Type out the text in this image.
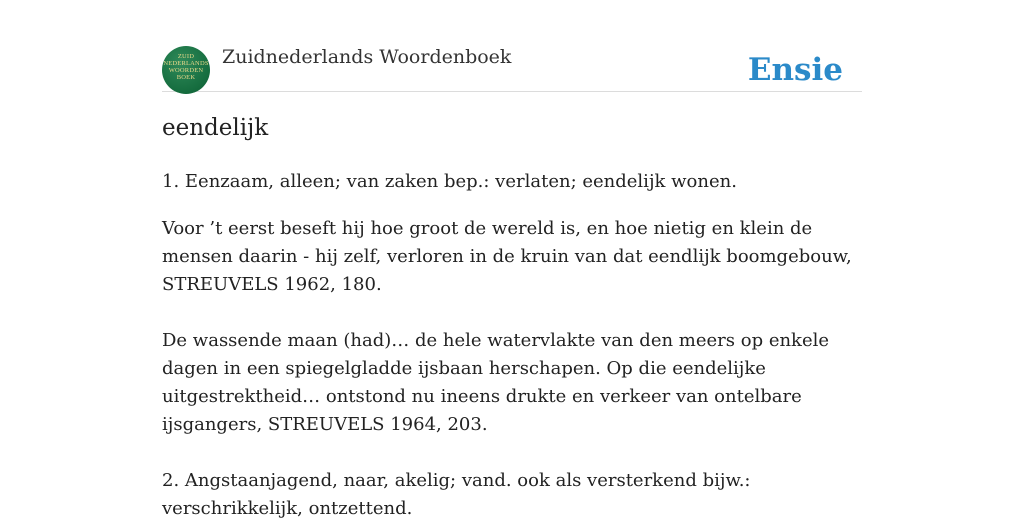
ZUID
NEDERLANDS
WOORDEN
BOEK
Zuidnederlands Woordenboek	Ensie
eendelijk

1. Eenzaam, alleen; van zaken bep.: verlaten; eendelijk wonen.

Voor ’t eerst beseft hij hoe groot de wereld is, en hoe nietig en klein de mensen daarin - hij zelf, verloren in de kruin van dat eendlijk boomgebouw, STREUVELS 1962, 180.

De wassende maan (had)… de hele watervlakte van den meers op enkele dagen in een spiegelgladde ijsbaan herschapen. Op die eendelijke uitgestrektheid… ontstond nu ineens drukte en verkeer van ontelbare ijsgangers, STREUVELS 1964, 203.

2. Angstaanjagend, naar, akelig; vand. ook als versterkend bijw.: verschrikkelijk, ontzettend.
